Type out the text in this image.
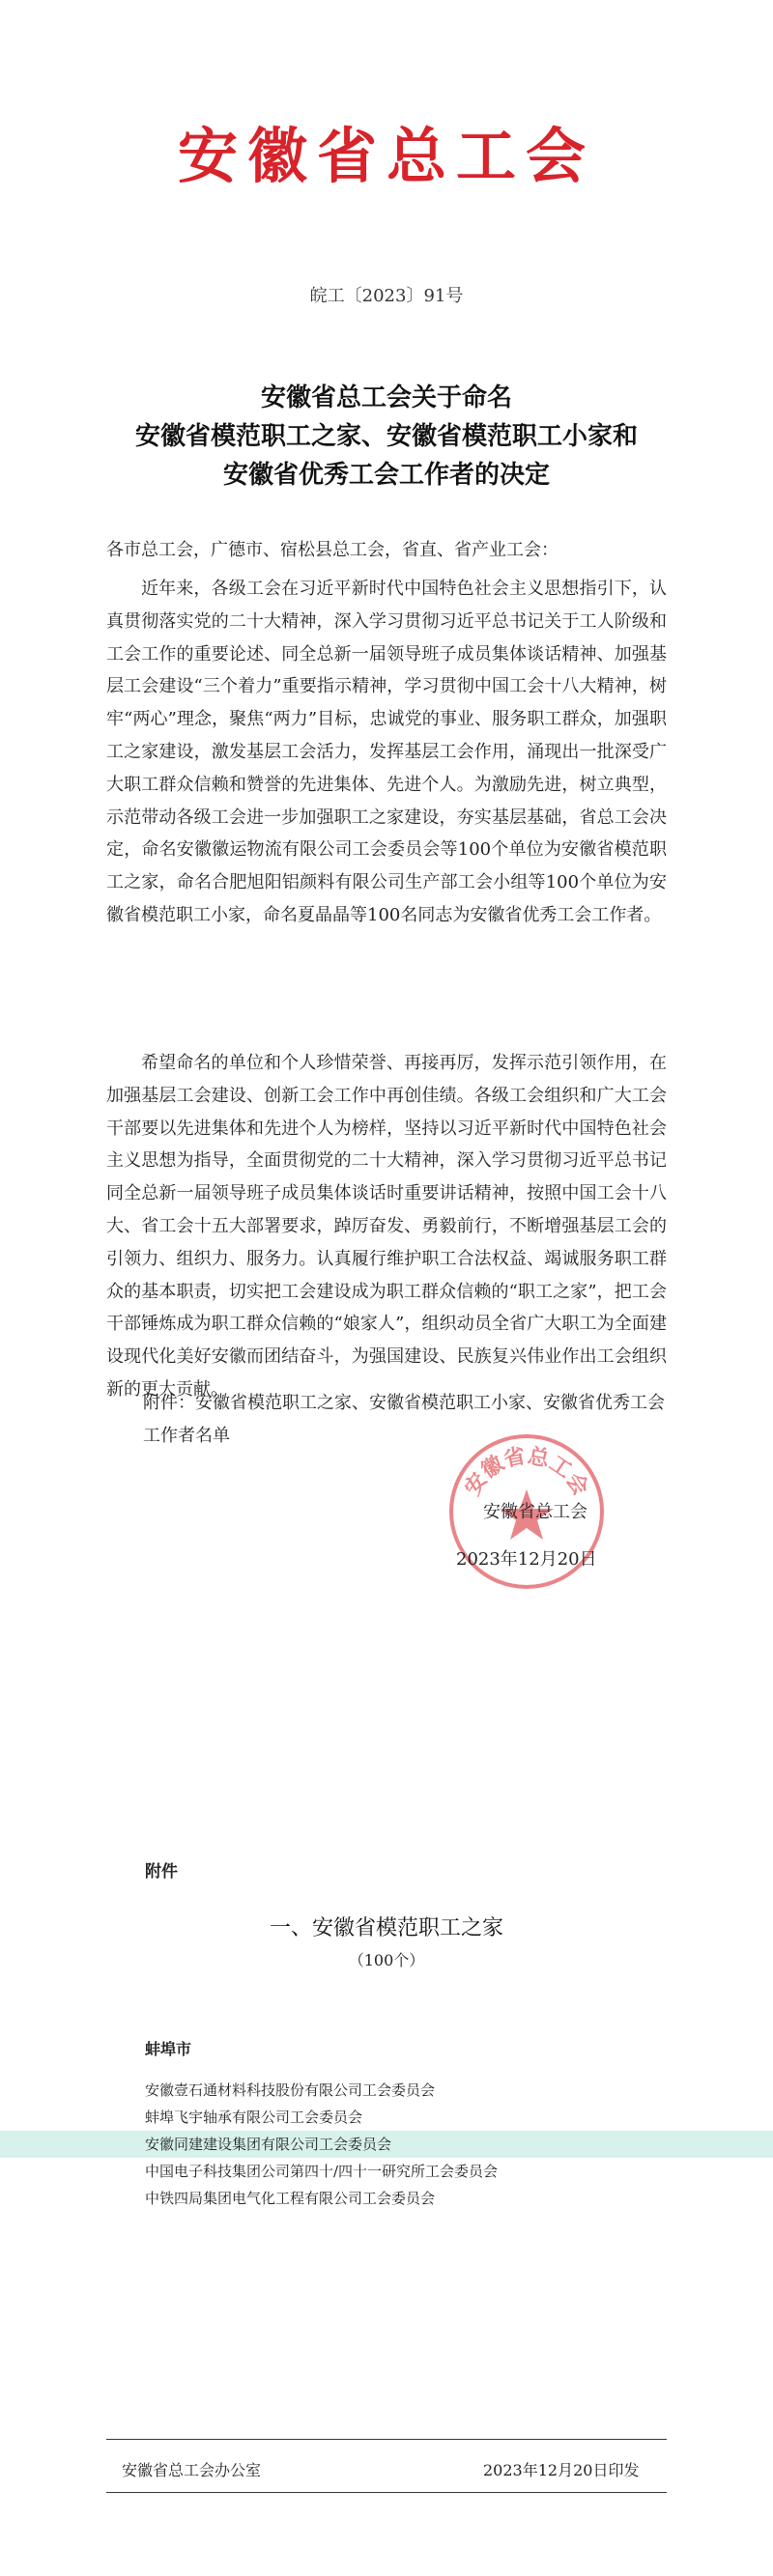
安徽省总工会
皖工〔2023〕91号
安徽省总工会关于命名
安徽省模范职工之家、安徽省模范职工小家和
安徽省优秀工会工作者的决定
各市总工会，广德市、宿松县总工会，省直、省产业工会：
近年来，各级工会在习近平新时代中国特色社会主义思想指引下，认真贯彻落实党的二十大精神，深入学习贯彻习近平总书记关于工人阶级和工会工作的重要论述、同全总新一届领导班子成员集体谈话精神、加强基层工会建设“三个着力”重要指示精神，学习贯彻中国工会十八大精神，树牢“两心”理念，聚焦“两力”目标，忠诚党的事业、服务职工群众，加强职工之家建设，激发基层工会活力，发挥基层工会作用，涌现出一批深受广大职工群众信赖和赞誉的先进集体、先进个人。为激励先进，树立典型，示范带动各级工会进一步加强职工之家建设，夯实基层基础，省总工会决定，命名安徽徽运物流有限公司工会委员会等100个单位为安徽省模范职工之家，命名合肥旭阳铝颜料有限公司生产部工会小组等100个单位为安徽省模范职工小家，命名夏晶晶等100名同志为安徽省优秀工会工作者。
希望命名的单位和个人珍惜荣誉、再接再厉，发挥示范引领作用，在加强基层工会建设、创新工会工作中再创佳绩。各级工会组织和广大工会干部要以先进集体和先进个人为榜样，坚持以习近平新时代中国特色社会主义思想为指导，全面贯彻党的二十大精神，深入学习贯彻习近平总书记同全总新一届领导班子成员集体谈话时重要讲话精神，按照中国工会十八大、省工会十五大部署要求，踔厉奋发、勇毅前行，不断增强基层工会的引领力、组织力、服务力。认真履行维护职工合法权益、竭诚服务职工群众的基本职责，切实把工会建设成为职工群众信赖的“职工之家”，把工会干部锤炼成为职工群众信赖的“娘家人”，组织动员全省广大职工为全面建设现代化美好安徽而团结奋斗，为强国建设、民族复兴伟业作出工会组织新的更大贡献。
附件：安徽省模范职工之家、安徽省模范职工小家、安徽省优秀工会工作者名单
安徽省总工会
安徽省总工会
2023年12月20日
附件
一、安徽省模范职工之家
（100个）
蚌埠市
安徽壹石通材料科技股份有限公司工会委员会
蚌埠飞宇轴承有限公司工会委员会
安徽同建建设集团有限公司工会委员会
中国电子科技集团公司第四十/四十一研究所工会委员会
中铁四局集团电气化工程有限公司工会委员会
安徽省总工会办公室	2023年12月20日印发
